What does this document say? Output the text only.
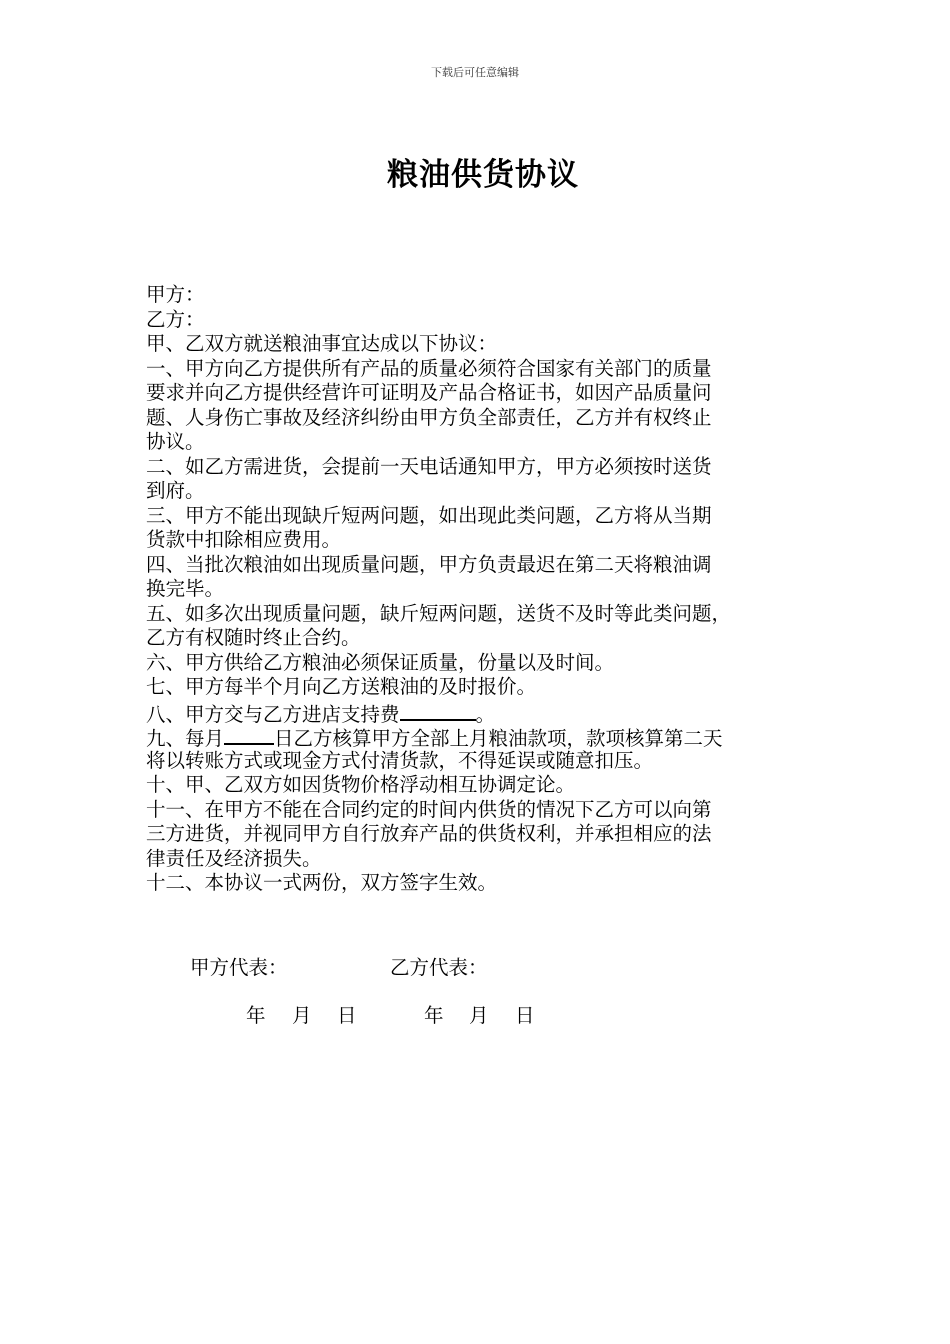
下载后可任意编辑
粮油供货协议
甲方：
乙方：
甲、乙双方就送粮油事宜达成以下协议：
一、甲方向乙方提供所有产品的质量必须符合国家有关部门的质量
要求并向乙方提供经营许可证明及产品合格证书，如因产品质量问
题、人身伤亡事故及经济纠纷由甲方负全部责任，乙方并有权终止
协议。
二、如乙方需进货，会提前一天电话通知甲方，甲方必须按时送货
到府。
三、甲方不能出现缺斤短两问题，如出现此类问题，乙方将从当期
货款中扣除相应费用。
四、当批次粮油如出现质量问题，甲方负责最迟在第二天将粮油调
换完毕。
五、如多次出现质量问题，缺斤短两问题，送货不及时等此类问题，
乙方有权随时终止合约。
六、甲方供给乙方粮油必须保证质量，份量以及时间。
七、甲方每半个月向乙方送粮油的及时报价。
八、甲方交与乙方进店支持费	。
九、每月	日乙方核算甲方全部上月粮油款项，款项核算第二天
将以转账方式或现金方式付清货款，不得延误或随意扣压。
十、甲、乙双方如因货物价格浮动相互协调定论。
十一、在甲方不能在合同约定的时间内供货的情况下乙方可以向第
三方进货，并视同甲方自行放弃产品的供货权利，并承担相应的法
律责任及经济损失。
十二、本协议一式两份，双方签字生效。
甲方代表：	乙方代表：
年 月 日	年 月 日
